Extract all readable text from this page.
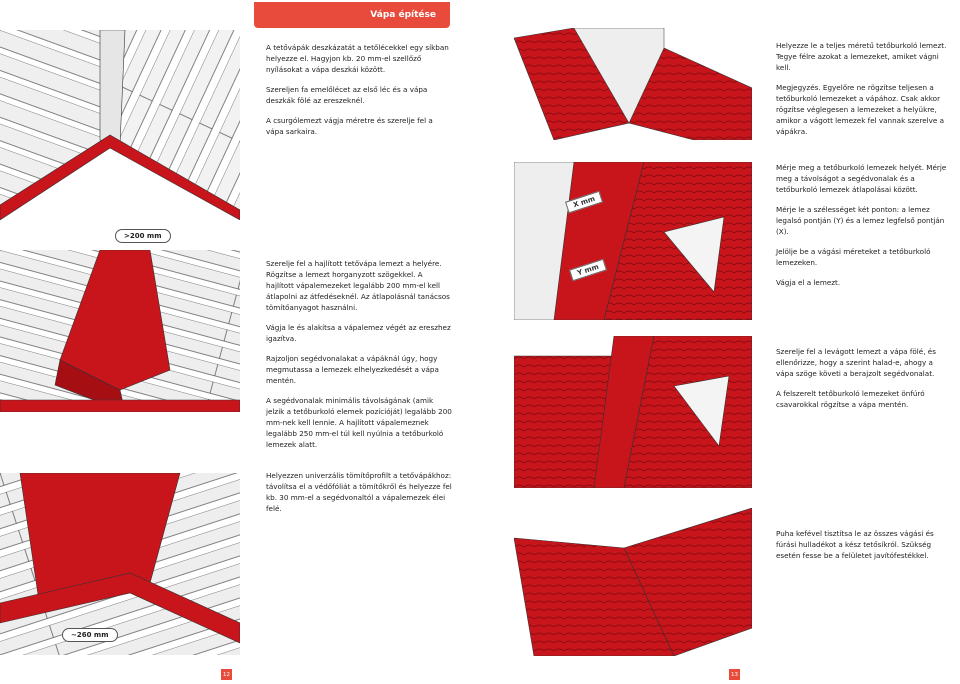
Vápa építése
>200 mm
~260 mm

A tetővápák deszkázatát a tetőlécekkel egy síkban helyezze el. Hagyjon kb. 20 mm-el szellőző nyílásokat a vápa deszkái között.

Szereljen fa emelőlécet az első léc és a vápa deszkák fölé az ereszeknél.

A csurgólemezt vágja méretre és szerelje fel a vápa sarkaira.

Szerelje fel a hajlított tetővápa lemezt a helyére. Rögzítse a lemezt horganyzott szögekkel. A hajlított vápalemezeket legalább 200 mm-el kell átlapolni az átfedéseknél. Az átlapolásnál tanácsos tömítőanyagot használni.

Vágja le és alakítsa a vápalemez végét az ereszhez igazítva.

Rajzoljon segédvonalakat a vápáknál úgy, hogy megmutassa a lemezek elhelyezkedését a vápa mentén.

A segédvonalak minimális távolságának (amik jelzik a tetőburkoló elemek pozícióját) legalább 200 mm-nek kell lennie. A hajlított vápalemeznek legalább 250 mm-el túl kell nyúlnia a tetőburkoló lemezek alatt.

Helyezzen univerzális tömítőprofilt a tetővápákhoz: távolítsa el a védőfóliát a tömítőkről és helyezze fel kb. 30 mm-el a segédvonaltól a vápalemezek élei felé.

X mm
Y mm

Helyezze le a teljes méretű tetőburkoló lemezt. Tegye félre azokat a lemezeket, amiket vágni kell.

Megjegyzés. Egyelőre ne rögzítse teljesen a tetőburkoló lemezeket a vápához. Csak akkor rögzítse véglegesen a lemezeket a helyükre, amikor a vágott lemezek fel vannak szerelve a vápákra.

Mérje meg a tetőburkoló lemezek helyét. Mérje meg a távolságot a segédvonalak és a tetőburkoló lemezek átlapolásai között.

Mérje le a szélességet két ponton: a lemez legalsó pontján (Y) és a lemez legfelső pontján (X).

Jelölje be a vágási méreteket a tetőburkoló lemezeken.

Vágja el a lemezt.

Szerelje fel a levágott lemezt a vápa fölé, és ellenőrizze, hogy a szerint halad-e, ahogy a vápa szöge követi a berajzolt segédvonalat.

A felszerelt tetőburkoló lemezeket önfúró csavarokkal rögzítse a vápa mentén.

Puha kefével tisztítsa le az összes vágási és fúrási hulladékot a kész tetősíkról. Szükség esetén fesse be a felületet javítófestékkel.

12	13
